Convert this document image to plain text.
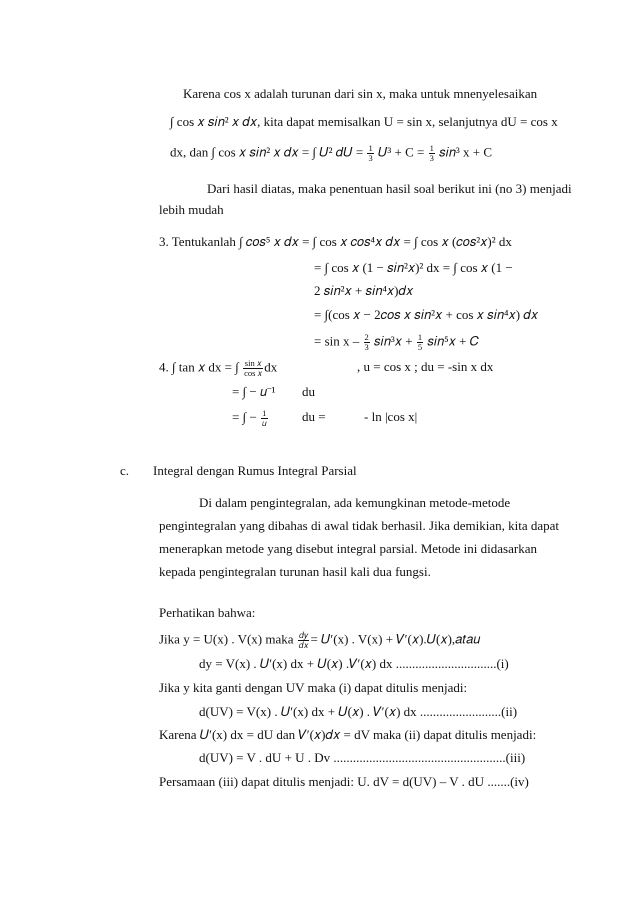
Karena cos x adalah turunan dari sin x, maka untuk mnenyelesaikan
∫ cos 𝑥 𝑠𝑖𝑛² 𝑥 𝑑𝑥, kita dapat memisalkan U = sin x, selanjutnya dU = cos x
dx, dan ∫ cos 𝑥 𝑠𝑖𝑛² 𝑥 𝑑𝑥 = ∫ 𝑈² 𝑑𝑈 = $\frac{1}{3}$ 𝑈³ + $C = \frac{1}{3}$ 𝑠𝑖𝑛³ x + C
Dari hasil diatas, maka penentuan hasil soal berikut ini (no 3) menjadi
lebih mudah
3. Tentukanlah ∫ 𝑐𝑜𝑠⁵ 𝑥 𝑑𝑥 = ∫ cos 𝑥 𝑐𝑜𝑠⁴𝑥 𝑑𝑥 = ∫ cos 𝑥 (𝑐𝑜𝑠²𝑥)² dx
= ∫ cos 𝑥 (1 − 𝑠𝑖𝑛²𝑥)² dx = ∫ cos 𝑥 (1 −
2 𝑠𝑖𝑛²𝑥 + 𝑠𝑖𝑛⁴𝑥)𝑑𝑥
= ∫(cos 𝑥 − 2𝑐𝑜𝑠 𝑥 𝑠𝑖𝑛²𝑥 + cos 𝑥 𝑠𝑖𝑛⁴𝑥) 𝑑𝑥
= sin x – $\frac{2}{3}$ 𝑠𝑖𝑛³𝑥 + $\frac{1}{5}$ 𝑠𝑖𝑛⁵𝑥 + 𝐶
4. ∫ tan 𝑥 dx = ∫ $\frac{\text{sin 𝑥}}{\text{cos 𝑥}}$ dx	, u = cos x ; du = -sin x dx
= ∫ − 𝑢⁻¹ du
= ∫ − $\frac{1}{\text{𝑢}}$	du =	- ln |cos x|
c. Integral dengan Rumus Integral Parsial
Di dalam pengintegralan, ada kemungkinan metode-metode
pengintegralan yang dibahas di awal tidak berhasil. Jika demikian, kita dapat
menerapkan metode yang disebut integral parsial. Metode ini didasarkan
kepada pengintegralan turunan hasil kali dua fungsi.
Perhatikan bahwa:
Jika y = U(x) . V(x) maka $\frac{\text{𝑑𝑦}}{\text{𝑑𝑥}}$ = 𝑈′(x) . V(x) + 𝑉′(𝑥).𝑈(𝑥),𝑎𝑡𝑎𝑢
dy = V(x) . 𝑈′(x) dx + 𝑈(𝑥) .𝑉′(𝑥) dx ...............................(i)
Jika y kita ganti dengan UV maka (i) dapat ditulis menjadi:
d(UV) = V(x) . 𝑈′(x) dx + 𝑈(𝑥) . 𝑉′(𝑥) dx .........................(ii)
Karena 𝑈′(x) dx = dU dan 𝑉′(𝑥)𝑑𝑥 = dV maka (ii) dapat ditulis menjadi:
d(UV) = V . dU + U . Dv .....................................................(iii)
Persamaan (iii) dapat ditulis menjadi: U. dV = d(UV) – V . dU .......(iv)
